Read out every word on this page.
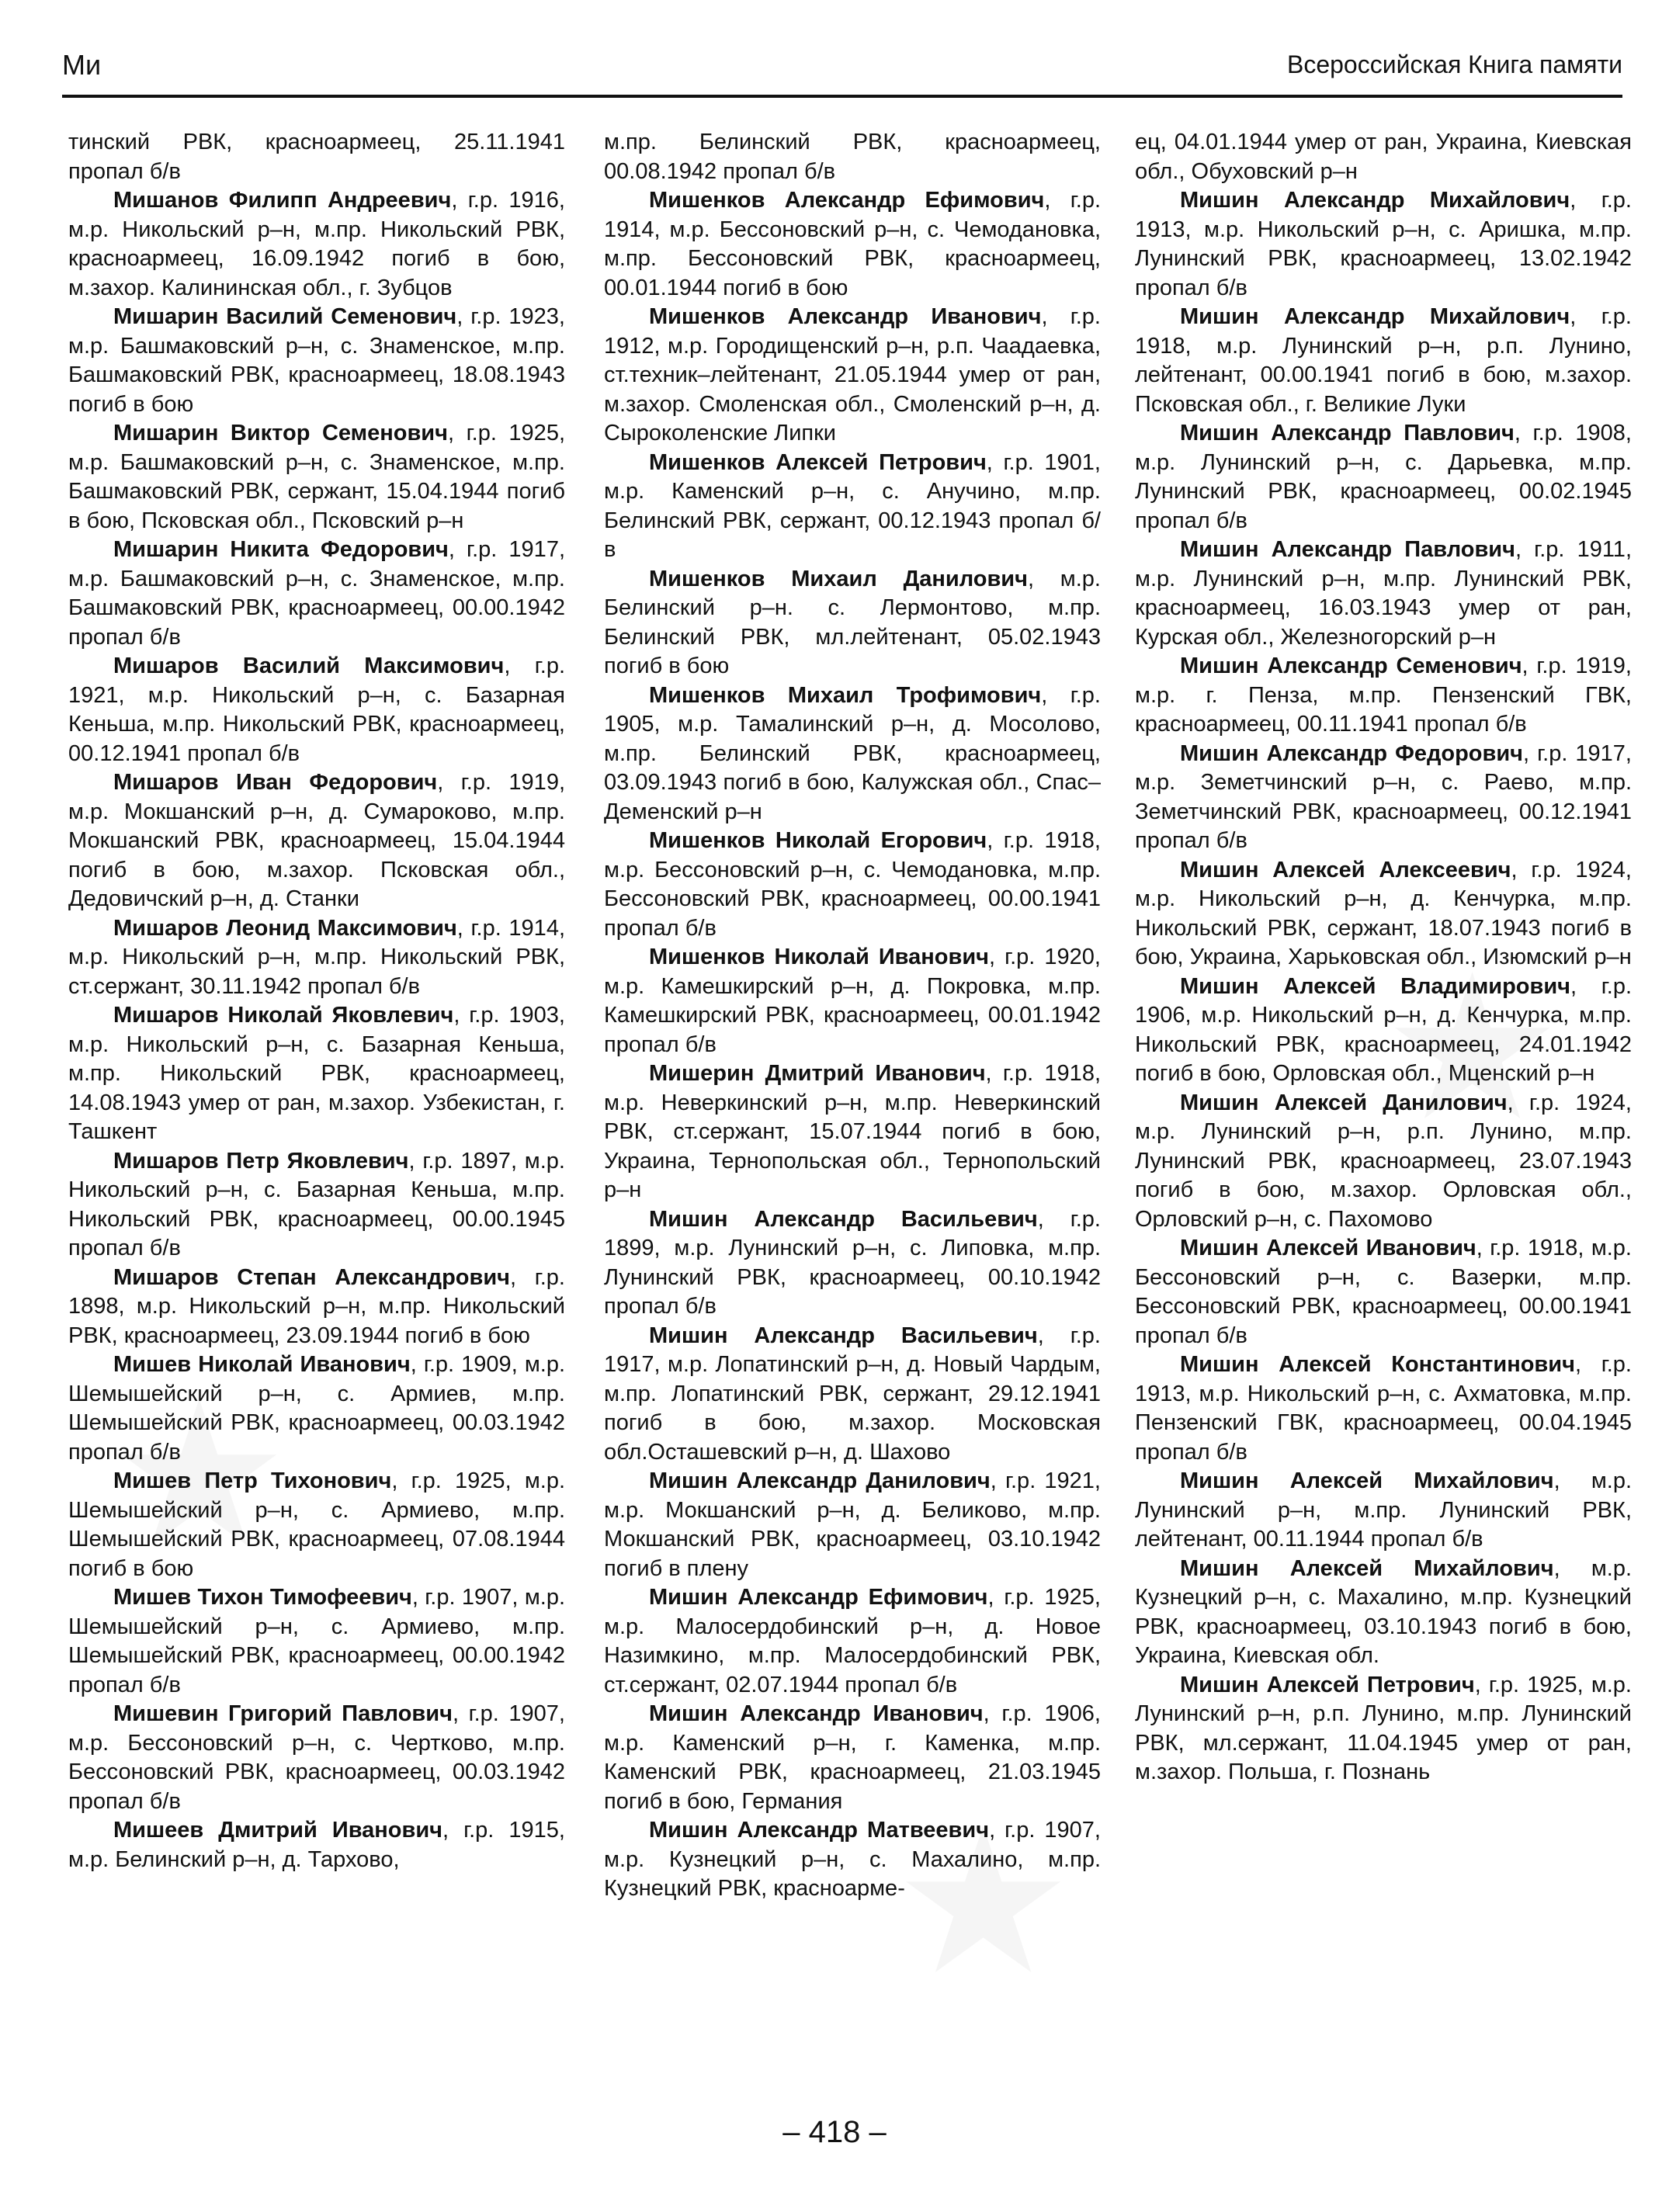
Ми	Всероссийская Книга памяти

тинский РВК, красноармеец, 25.11.1941 пропал б/в

Мишанов Филипп Андреевич, г.р. 1916, м.р. Никольский р–н, м.пр. Никольский РВК, красноармеец, 16.09.1942 погиб в бою, м.захор. Калининская обл., г. Зубцов

Мишарин Василий Семенович, г.р. 1923, м.р. Башмаковский р–н, с. Знаменское, м.пр. Башмаковский РВК, красноармеец, 18.08.1943 погиб в бою

Мишарин Виктор Семенович, г.р. 1925, м.р. Башмаковский р–н, с. Знаменское, м.пр. Башмаковский РВК, сержант, 15.04.1944 погиб в бою, Псковская обл., Псковский р–н

Мишарин Никита Федорович, г.р. 1917, м.р. Башмаковский р–н, с. Знаменское, м.пр. Башмаковский РВК, красноармеец, 00.00.1942 пропал б/в

Мишаров Василий Максимович, г.р. 1921, м.р. Никольский р–н, с. Базарная Кеньша, м.пр. Никольский РВК, красноармеец, 00.12.1941 пропал б/в

Мишаров Иван Федорович, г.р. 1919, м.р. Мокшанский р–н, д. Сумароково, м.пр. Мокшанский РВК, красноармеец, 15.04.1944 погиб в бою, м.захор. Псковская обл., Дедовичский р–н, д. Станки

Мишаров Леонид Максимович, г.р. 1914, м.р. Никольский р–н, м.пр. Никольский РВК, ст.сержант, 30.11.1942 пропал б/в

Мишаров Николай Яковлевич, г.р. 1903, м.р. Никольский р–н, с. Базарная Кеньша, м.пр. Никольский РВК, красноармеец, 14.08.1943 умер от ран, м.захор. Узбекистан, г. Ташкент

Мишаров Петр Яковлевич, г.р. 1897, м.р. Никольский р–н, с. Базарная Кеньша, м.пр. Никольский РВК, красноармеец, 00.00.1945 пропал б/в

Мишаров Степан Александрович, г.р. 1898, м.р. Никольский р–н, м.пр. Никольский РВК, красноармеец, 23.09.1944 погиб в бою

Мишев Николай Иванович, г.р. 1909, м.р. Шемышейский р–н, с. Армиев, м.пр. Шемышейский РВК, красноармеец, 00.03.1942 пропал б/в

Мишев Петр Тихонович, г.р. 1925, м.р. Шемышейский р–н, с. Армиево, м.пр. Шемышейский РВК, красноармеец, 07.08.1944 погиб в бою

Мишев Тихон Тимофеевич, г.р. 1907, м.р. Шемышейский р–н, с. Армиево, м.пр. Шемышейский РВК, красноармеец, 00.00.1942 пропал б/в

Мишевин Григорий Павлович, г.р. 1907, м.р. Бессоновский р–н, с. Чертково, м.пр. Бессоновский РВК, красноармеец, 00.03.1942 пропал б/в

Мишеев Дмитрий Иванович, г.р. 1915, м.р. Белинский р–н, д. Тархово,

м.пр. Белинский РВК, красноармеец, 00.08.1942 пропал б/в

Мишенков Александр Ефимович, г.р. 1914, м.р. Бессоновский р–н, с. Чемодановка, м.пр. Бессоновский РВК, красноармеец, 00.01.1944 погиб в бою

Мишенков Александр Иванович, г.р. 1912, м.р. Городищенский р–н, р.п. Чаадаевка, ст.техник–лейтенант, 21.05.1944 умер от ран, м.захор. Смоленская обл., Смоленский р–н, д. Сыроколенские Липки

Мишенков Алексей Петрович, г.р. 1901, м.р. Каменский р–н, с. Анучино, м.пр. Белинский РВК, сержант, 00.12.1943 пропал б/в

Мишенков Михаил Данилович, м.р. Белинский р–н. с. Лермонтово, м.пр. Белинский РВК, мл.лейтенант, 05.02.1943 погиб в бою

Мишенков Михаил Трофимович, г.р. 1905, м.р. Тамалинский р–н, д. Мосолово, м.пр. Белинский РВК, красноармеец, 03.09.1943 погиб в бою, Калужская обл., Спас–Деменский р–н

Мишенков Николай Егорович, г.р. 1918, м.р. Бессоновский р–н, с. Чемодановка, м.пр. Бессоновский РВК, красноармеец, 00.00.1941 пропал б/в

Мишенков Николай Иванович, г.р. 1920, м.р. Камешкирский р–н, д. Покровка, м.пр. Камешкирский РВК, красноармеец, 00.01.1942 пропал б/в

Мишерин Дмитрий Иванович, г.р. 1918, м.р. Неверкинский р–н, м.пр. Неверкинский РВК, ст.сержант, 15.07.1944 погиб в бою, Украина, Тернопольская обл., Тернопольский р–н

Мишин Александр Васильевич, г.р. 1899, м.р. Лунинский р–н, с. Липовка, м.пр. Лунинский РВК, красноармеец, 00.10.1942 пропал б/в

Мишин Александр Васильевич, г.р. 1917, м.р. Лопатинский р–н, д. Новый Чардым, м.пр. Лопатинский РВК, сержант, 29.12.1941 погиб в бою, м.захор. Московская обл.Осташевский р–н, д. Шахово

Мишин Александр Данилович, г.р. 1921, м.р. Мокшанский р–н, д. Беликово, м.пр. Мокшанский РВК, красноармеец, 03.10.1942 погиб в плену

Мишин Александр Ефимович, г.р. 1925, м.р. Малосердобинский р–н, д. Новое Назимкино, м.пр. Малосердобинский РВК, ст.сержант, 02.07.1944 пропал б/в

Мишин Александр Иванович, г.р. 1906, м.р. Каменский р–н, г. Каменка, м.пр. Каменский РВК, красноармеец, 21.03.1945 погиб в бою, Германия

Мишин Александр Матвеевич, г.р. 1907, м.р. Кузнецкий р–н, с. Махалино, м.пр. Кузнецкий РВК, красноарме-

ец, 04.01.1944 умер от ран, Украина, Киевская обл., Обуховский р–н

Мишин Александр Михайлович, г.р. 1913, м.р. Никольский р–н, с. Аришка, м.пр. Лунинский РВК, красноармеец, 13.02.1942 пропал б/в

Мишин Александр Михайлович, г.р. 1918, м.р. Лунинский р–н, р.п. Лунино, лейтенант, 00.00.1941 погиб в бою, м.захор. Псковская обл., г. Великие Луки

Мишин Александр Павлович, г.р. 1908, м.р. Лунинский р–н, с. Дарьевка, м.пр. Лунинский РВК, красноармеец, 00.02.1945 пропал б/в

Мишин Александр Павлович, г.р. 1911, м.р. Лунинский р–н, м.пр. Лунинский РВК, красноармеец, 16.03.1943 умер от ран, Курская обл., Железногорский р–н

Мишин Александр Семенович, г.р. 1919, м.р. г. Пенза, м.пр. Пензенский ГВК, красноармеец, 00.11.1941 пропал б/в

Мишин Александр Федорович, г.р. 1917, м.р. Земетчинский р–н, с. Раево, м.пр. Земетчинский РВК, красноармеец, 00.12.1941 пропал б/в

Мишин Алексей Алексеевич, г.р. 1924, м.р. Никольский р–н, д. Кенчурка, м.пр. Никольский РВК, сержант, 18.07.1943 погиб в бою, Украина, Харьковская обл., Изюмский р–н

Мишин Алексей Владимирович, г.р. 1906, м.р. Никольский р–н, д. Кенчурка, м.пр. Никольский РВК, красноармеец, 24.01.1942 погиб в бою, Орловская обл., Мценский р–н

Мишин Алексей Данилович, г.р. 1924, м.р. Лунинский р–н, р.п. Лунино, м.пр. Лунинский РВК, красноармеец, 23.07.1943 погиб в бою, м.захор. Орловская обл., Орловский р–н, с. Пахомово

Мишин Алексей Иванович, г.р. 1918, м.р. Бессоновский р–н, с. Вазерки, м.пр. Бессоновский РВК, красноармеец, 00.00.1941 пропал б/в

Мишин Алексей Константинович, г.р. 1913, м.р. Никольский р–н, с. Ахматовка, м.пр. Пензенский ГВК, красноармеец, 00.04.1945 пропал б/в

Мишин Алексей Михайлович, м.р. Лунинский р–н, м.пр. Лунинский РВК, лейтенант, 00.11.1944 пропал б/в

Мишин Алексей Михайлович, м.р. Кузнецкий р–н, с. Махалино, м.пр. Кузнецкий РВК, красноармеец, 03.10.1943 погиб в бою, Украина, Киевская обл.

Мишин Алексей Петрович, г.р. 1925, м.р. Лунинский р–н, р.п. Лунино, м.пр. Лунинский РВК, мл.сержант, 11.04.1945 умер от ран, м.захор. Польша, г. Познань

– 418 –
